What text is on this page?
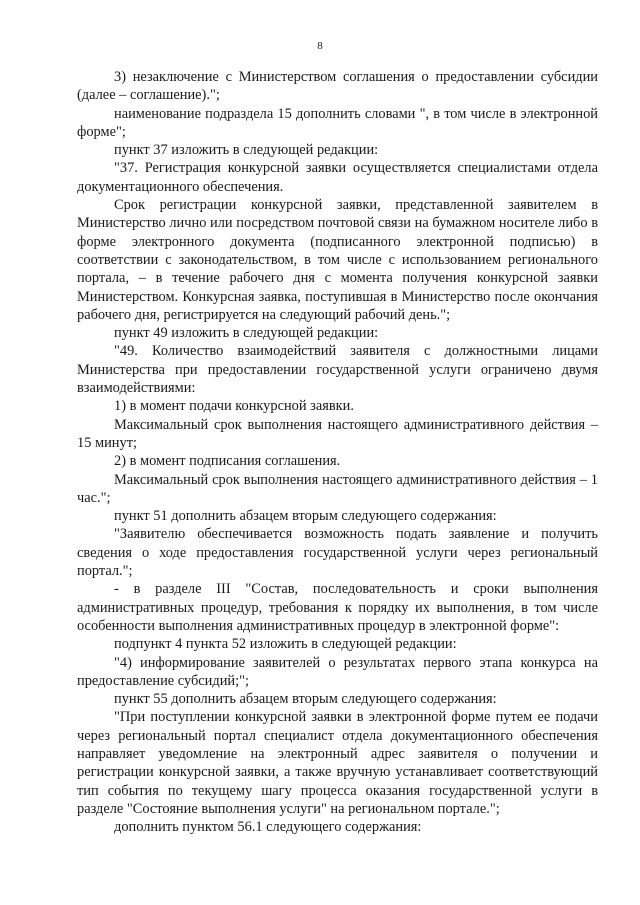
8

3) незаключение с Министерством соглашения о предоставлении субсидии (далее – соглашение).";

наименование подраздела 15 дополнить словами ", в том числе в электронной форме";

пункт 37 изложить в следующей редакции:

"37. Регистрация конкурсной заявки осуществляется специалистами отдела документационного обеспечения.

Срок регистрации конкурсной заявки, представленной заявителем в Министерство лично или посредством почтовой связи на бумажном носителе либо в форме электронного документа (подписанного электронной подписью) в соответствии с законодательством, в том числе с использованием регионального портала, – в течение рабочего дня с момента получения конкурсной заявки Министерством. Конкурсная заявка, поступившая в Министерство после окончания рабочего дня, регистрируется на следующий рабочий день.";

пункт 49 изложить в следующей редакции:

"49. Количество взаимодействий заявителя с должностными лицами Министерства при предоставлении государственной услуги ограничено двумя взаимодействиями:

1) в момент подачи конкурсной заявки.

Максимальный срок выполнения настоящего административного действия – 15 минут;

2) в момент подписания соглашения.

Максимальный срок выполнения настоящего административного действия – 1 час.";

пункт 51 дополнить абзацем вторым следующего содержания:

"Заявителю обеспечивается возможность подать заявление и получить сведения о ходе предоставления государственной услуги через региональный портал.";

- в разделе III "Состав, последовательность и сроки выполнения административных процедур, требования к порядку их выполнения, в том числе особенности выполнения административных процедур в электронной форме":

подпункт 4 пункта 52 изложить в следующей редакции:

"4) информирование заявителей о результатах первого этапа конкурса на предоставление субсидий;";

пункт 55 дополнить абзацем вторым следующего содержания:

"При поступлении конкурсной заявки в электронной форме путем ее подачи через региональный портал специалист отдела документационного обеспечения направляет уведомление на электронный адрес заявителя о получении и регистрации конкурсной заявки, а также вручную устанавливает соответствующий тип события по текущему шагу процесса оказания государственной услуги в разделе "Состояние выполнения услуги" на региональном портале.";

дополнить пунктом 56.1 следующего содержания:
